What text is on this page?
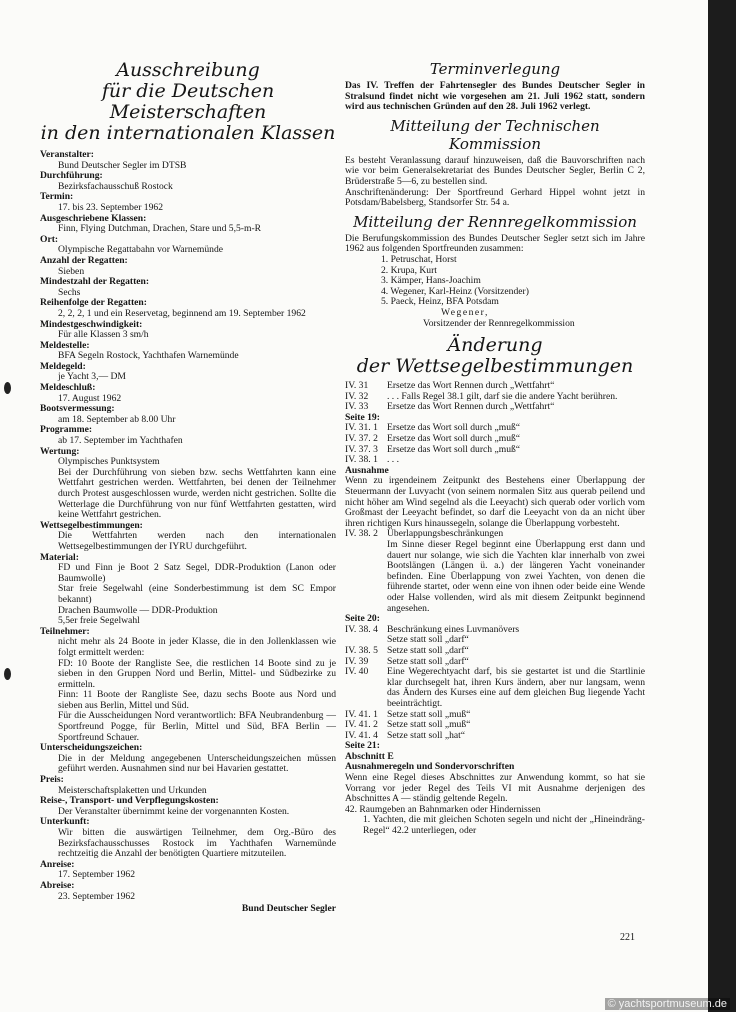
Ausschreibung

für die Deutschen Meisterschaften

in den internationalen Klassen

Veranstalter:

Bund Deutscher Segler im DTSB

Durchführung:

Bezirksfachausschuß Rostock

Termin:

17. bis 23. September 1962

Ausgeschriebene Klassen:

Finn, Flying Dutchman, Drachen, Stare und 5,5-m-R

Ort:

Olympische Regattabahn vor Warnemünde

Anzahl der Regatten:

Sieben

Mindestzahl der Regatten:

Sechs

Reihenfolge der Regatten:

2, 2, 2, 1 und ein Reservetag, beginnend am 19. September 1962

Mindestgeschwindigkeit:

Für alle Klassen 3 sm/h

Meldestelle:

BFA Segeln Rostock, Yachthafen Warnemünde

Meldegeld:

je Yacht 3,— DM

Meldeschluß:

17. August 1962

Bootsvermessung:

am 18. September ab 8.00 Uhr

Programme:

ab 17. September im Yachthafen

Wertung:

Olympisches Punktsystem

Bei der Durchführung von sieben bzw. sechs Wettfahrten kann eine Wettfahrt gestrichen werden. Wettfahrten, bei denen der Teilnehmer durch Protest ausgeschlossen wurde, werden nicht gestrichen. Sollte die Wetterlage die Durchführung von nur fünf Wettfahrten gestatten, wird keine Wettfahrt gestrichen.

Wettsegelbestimmungen:

Die Wettfahrten werden nach den internationalen Wettsegelbestimmungen der IYRU durchgeführt.

Material:

FD und Finn je Boot 2 Satz Segel, DDR-Produktion (Lanon oder Baumwolle)

Star freie Segelwahl (eine Sonderbestimmung ist dem SC Empor bekannt)

Drachen Baumwolle — DDR-Produktion

5,5er freie Segelwahl

Teilnehmer:

nicht mehr als 24 Boote in jeder Klasse, die in den Jollenklassen wie folgt ermittelt werden:

FD: 10 Boote der Rangliste See, die restlichen 14 Boote sind zu je sieben in den Gruppen Nord und Berlin, Mittel- und Südbezirke zu ermitteln.

Finn: 11 Boote der Rangliste See, dazu sechs Boote aus Nord und sieben aus Berlin, Mittel und Süd.

Für die Ausscheidungen Nord verantwortlich: BFA Neubrandenburg — Sportfreund Pogge, für Berlin, Mittel und Süd, BFA Berlin — Sportfreund Schauer.

Unterscheidungszeichen:

Die in der Meldung angegebenen Unterscheidungszeichen müssen geführt werden. Ausnahmen sind nur bei Havarien gestattet.

Preis:

Meisterschaftsplaketten und Urkunden

Reise-, Transport- und Verpflegungskosten:

Der Veranstalter übernimmt keine der vorgenannten Kosten.

Unterkunft:

Wir bitten die auswärtigen Teilnehmer, dem Org.-Büro des Bezirksfachausschusses Rostock im Yachthafen Warnemünde rechtzeitig die Anzahl der benötigten Quartiere mitzuteilen.

Anreise:

17. September 1962

Abreise:

23. September 1962

Bund Deutscher Segler

Terminverlegung

Das IV. Treffen der Fahrtensegler des Bundes Deutscher Segler in Stralsund findet nicht wie vorgesehen am 21. Juli 1962 statt, sondern wird aus technischen Gründen auf den 28. Juli 1962 verlegt.

Mitteilung der Technischen Kommission

Es besteht Veranlassung darauf hinzuweisen, daß die Bauvorschriften nach wie vor beim Generalsekretariat des Bundes Deutscher Segler, Berlin C 2, Brüderstraße 5—6, zu bestellen sind.

Anschriftenänderung: Der Sportfreund Gerhard Hippel wohnt jetzt in Potsdam/Babelsberg, Standsorfer Str. 54 a.

Mitteilung der Rennregelkommission

Die Berufungskommission des Bundes Deutscher Segler setzt sich im Jahre 1962 aus folgenden Sportfreunden zusammen:

1. Petruschat, Horst
2. Krupa, Kurt
3. Kämper, Hans-Joachim
4. Wegener, Karl-Heinz (Vorsitzender)
5. Paeck, Heinz, BFA Potsdam
Wegener,
Vorsitzender der Rennregelkommission

Änderung

der Wettsegelbestimmungen

IV. 31	Ersetze das Wort Rennen durch „Wettfahrt“
IV. 32	. . . Falls Regel 38.1 gilt, darf sie die andere Yacht berühren.
IV. 33	Ersetze das Wort Rennen durch „Wettfahrt“
Seite 19:
IV. 31. 1 Ersetze das Wort soll durch „muß“
IV. 37. 2 Ersetze das Wort soll durch „muß“
IV. 37. 3 Ersetze das Wort soll durch „muß“
IV. 38. 1 . . .
Ausnahme

Wenn zu irgendeinem Zeitpunkt des Bestehens einer Überlappung der Steuermann der Luvyacht (von seinem normalen Sitz aus querab peilend und nicht höher am Wind segelnd als die Leeyacht) sich querab oder vorlich vom Großmast der Leeyacht befindet, so darf die Leeyacht von da an nicht über ihren richtigen Kurs hinaussegeln, solange die Überlappung vorbesteht.

IV. 38. 2 Überlappungsbeschränkungen

Im Sinne dieser Regel beginnt eine Überlappung erst dann und dauert nur solange, wie sich die Yachten klar innerhalb von zwei Bootslängen (Längen ü. a.) der längeren Yacht voneinander befinden. Eine Überlappung von zwei Yachten, von denen die führende startet, oder wenn eine von ihnen oder beide eine Wende oder Halse vollenden, wird als mit diesem Zeitpunkt beginnend angesehen.

Seite 20:
IV. 38. 4 Beschränkung eines Luvmanövers
Setze statt soll „darf“
IV. 38. 5 Setze statt soll „darf“
IV. 39	Setze statt soll „darf“
IV. 40	Eine Wegerechtyacht darf, bis sie gestartet ist und die Startlinie klar durchsegelt hat, ihren Kurs ändern, aber nur langsam, wenn das Ändern des Kurses eine auf dem gleichen Bug liegende Yacht beeinträchtigt.
IV. 41. 1 Setze statt soll „muß“
IV. 41. 2 Setze statt soll „muß“
IV. 41. 4 Setze statt soll „hat“
Seite 21:
Abschnitt E
Ausnahmeregeln und Sondervorschriften

Wenn eine Regel dieses Abschnittes zur Anwendung kommt, so hat sie Vorrang vor jeder Regel des Teils VI mit Ausnahme derjenigen des Abschnittes A — ständig geltende Regeln.

42. Raumgeben an Bahnmarken oder Hindernissen

1. Yachten, die mit gleichen Schoten segeln und nicht der „Hineindräng-Regel“ 42.2 unterliegen, oder

221
© yachtsportmuseum.de
